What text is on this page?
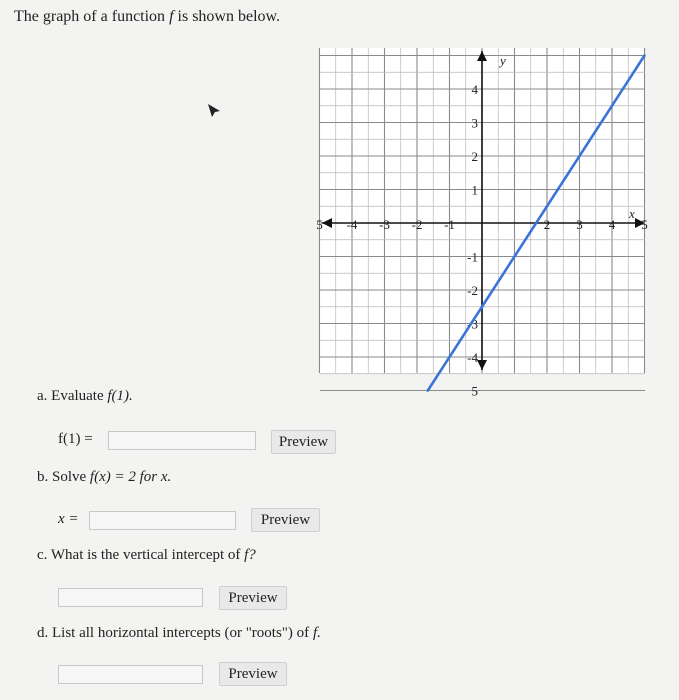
The graph of a function f is shown below.
5 -4 -3 -2 -1	2 3 4 5
4
3
2
1
-1
-2
-3
-4
5
x
y
a. Evaluate f(1).
f(1) =	Preview
b. Solve f(x) = 2 for x.
x =	Preview
c. What is the vertical intercept of f?
Preview
d. List all horizontal intercepts (or "roots") of f.
Preview
